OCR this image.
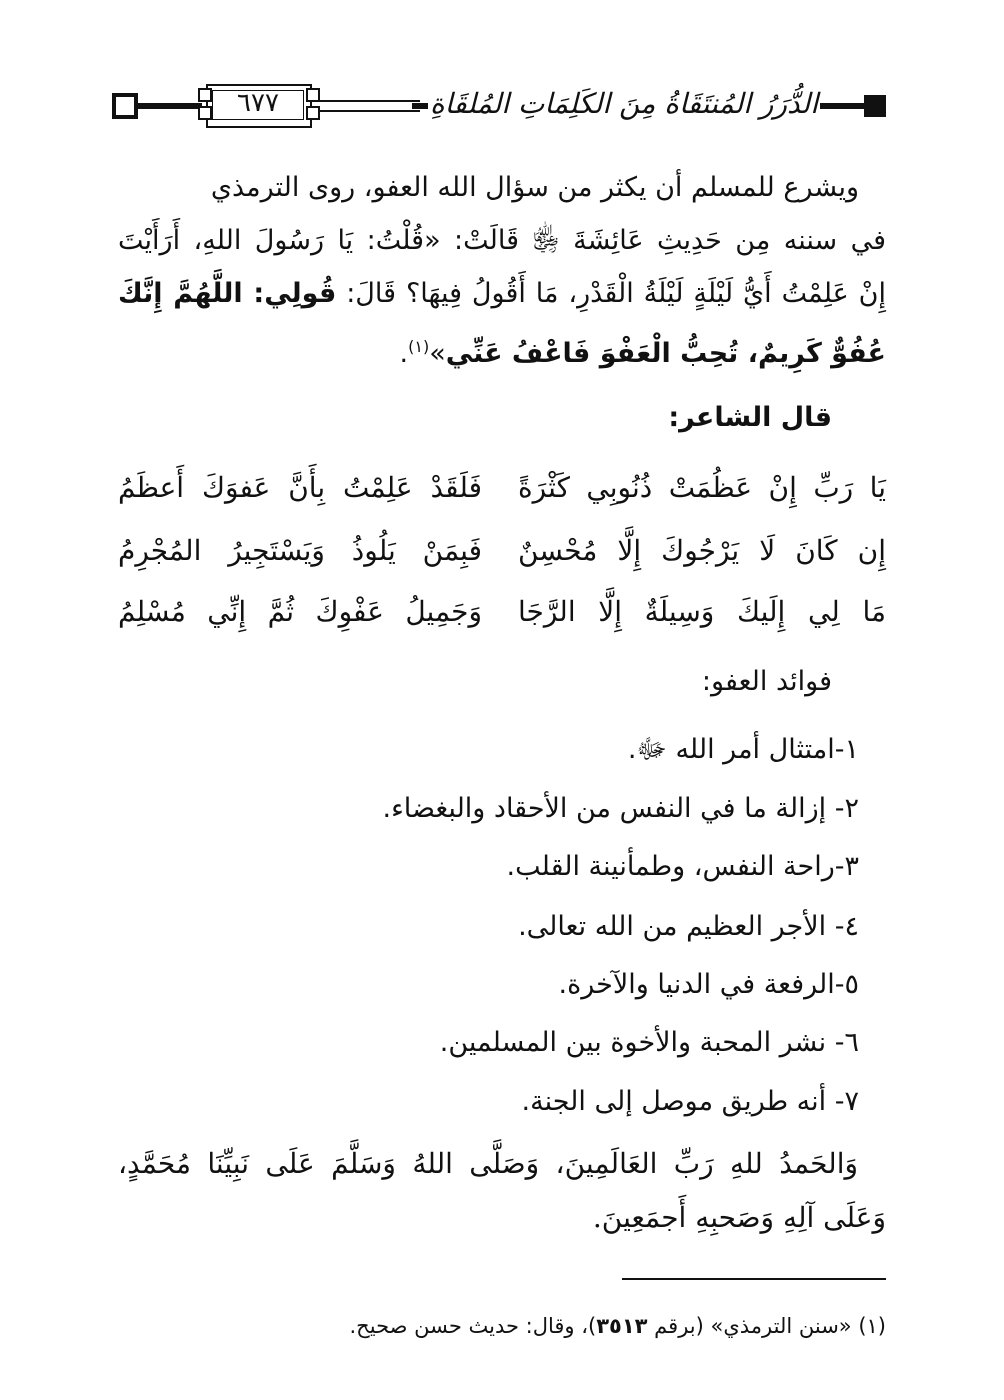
٦٧٧	الدُّرَرُ المُنتَقَاةُ مِنَ الكَلِمَاتِ المُلقَاةِ
ويشرع للمسلم أن يكثر من سؤال الله العفو، روى الترمذي
في سننه مِن حَدِيثِ عَائِشَةَ ﵂ قَالَتْ: «قُلْتُ: يَا رَسُولَ اللهِ، أَرَأَيْتَ
إِنْ عَلِمْتُ أَيُّ لَيْلَةٍ لَيْلَةُ الْقَدْرِ، مَا أَقُولُ فِيهَا؟ قَالَ: قُولِي: اللَّهُمَّ إِنَّكَ
عُفُوٌّ كَرِيمٌ، تُحِبُّ الْعَفْوَ فَاعْفُ عَنِّي»$^{(١)}$.
قال الشاعر:
يَا رَبِّ إِنْ عَظُمَتْ ذُنُوبِي كَثْرَةً
فَلَقَدْ عَلِمْتُ بِأَنَّ عَفوَكَ أَعظَمُ
إِن كَانَ لَا يَرْجُوكَ إِلَّا مُحْسِنٌ
فَبِمَنْ يَلُوذُ وَيَسْتَجِيرُ المُجْرِمُ
مَا لِي إِلَيكَ وَسِيلَةٌ إِلَّا الرَّجَا
وَجَمِيلُ عَفْوِكَ ثُمَّ إِنِّي مُسْلِمُ
فوائد العفو:
١-امتثال أمر الله ﷻ.
٢- إزالة ما في النفس من الأحقاد والبغضاء.
٣-راحة النفس، وطمأنينة القلب.
٤- الأجر العظيم من الله تعالى.
٥-الرفعة في الدنيا والآخرة.
٦- نشر المحبة والأخوة بين المسلمين.
٧- أنه طريق موصل إلى الجنة.
وَالحَمدُ للهِ رَبِّ العَالَمِينَ، وَصَلَّى اللهُ وَسَلَّمَ عَلَى نَبِيِّنَا مُحَمَّدٍ،
وَعَلَى آلِهِ وَصَحبِهِ أَجمَعِينَ.
(١) «سنن الترمذي» (برقم ٣٥١٣)، وقال: حديث حسن صحيح.
